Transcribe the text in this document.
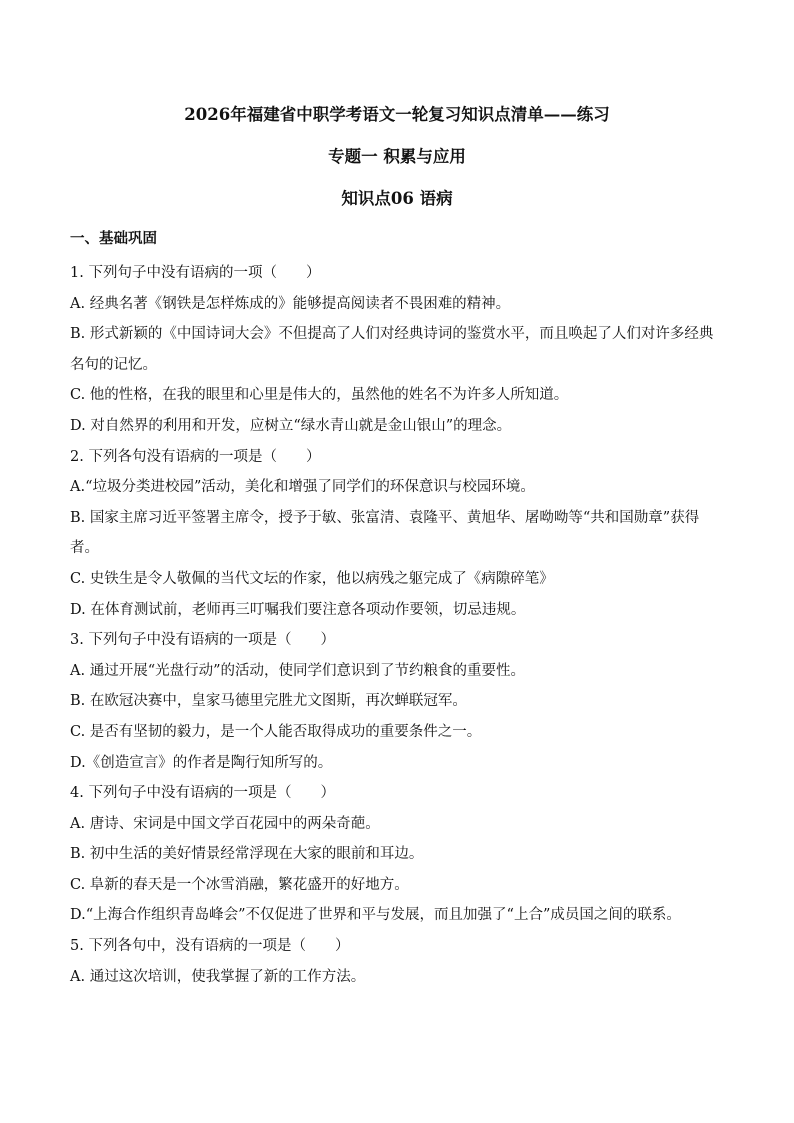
2026年福建省中职学考语文一轮复习知识点清单——练习
专题一 积累与应用
知识点06 语病
一、基础巩固

1. 下列句子中没有语病的一项（　　）

A. 经典名著《钢铁是怎样炼成的》能够提高阅读者不畏困难的精神。

B. 形式新颖的《中国诗词大会》不但提高了人们对经典诗词的鉴赏水平，而且唤起了人们对许多经典名句的记忆。

C. 他的性格，在我的眼里和心里是伟大的，虽然他的姓名不为许多人所知道。

D. 对自然界的利用和开发，应树立“绿水青山就是金山银山”的理念。

2. 下列各句没有语病的一项是（　　）

A.“垃圾分类进校园”活动，美化和增强了同学们的环保意识与校园环境。

B. 国家主席习近平签署主席令，授予于敏、张富清、袁隆平、黄旭华、屠呦呦等“共和国勋章”获得者。

C. 史铁生是令人敬佩的当代文坛的作家，他以病残之躯完成了《病隙碎笔》

D. 在体育测试前，老师再三叮嘱我们要注意各项动作要领，切忌违规。

3. 下列句子中没有语病的一项是（　　）

A. 通过开展“光盘行动”的活动，使同学们意识到了节约粮食的重要性。

B. 在欧冠决赛中，皇家马德里完胜尤文图斯，再次蝉联冠军。

C. 是否有坚韧的毅力，是一个人能否取得成功的重要条件之一。

D.《创造宣言》的作者是陶行知所写的。

4. 下列句子中没有语病的一项是（　　）

A. 唐诗、宋词是中国文学百花园中的两朵奇葩。

B. 初中生活的美好情景经常浮现在大家的眼前和耳边。

C. 阜新的春天是一个冰雪消融，繁花盛开的好地方。

D.“上海合作组织青岛峰会”不仅促进了世界和平与发展，而且加强了“上合”成员国之间的联系。

5. 下列各句中，没有语病的一项是（　　）

A. 通过这次培训，使我掌握了新的工作方法。
